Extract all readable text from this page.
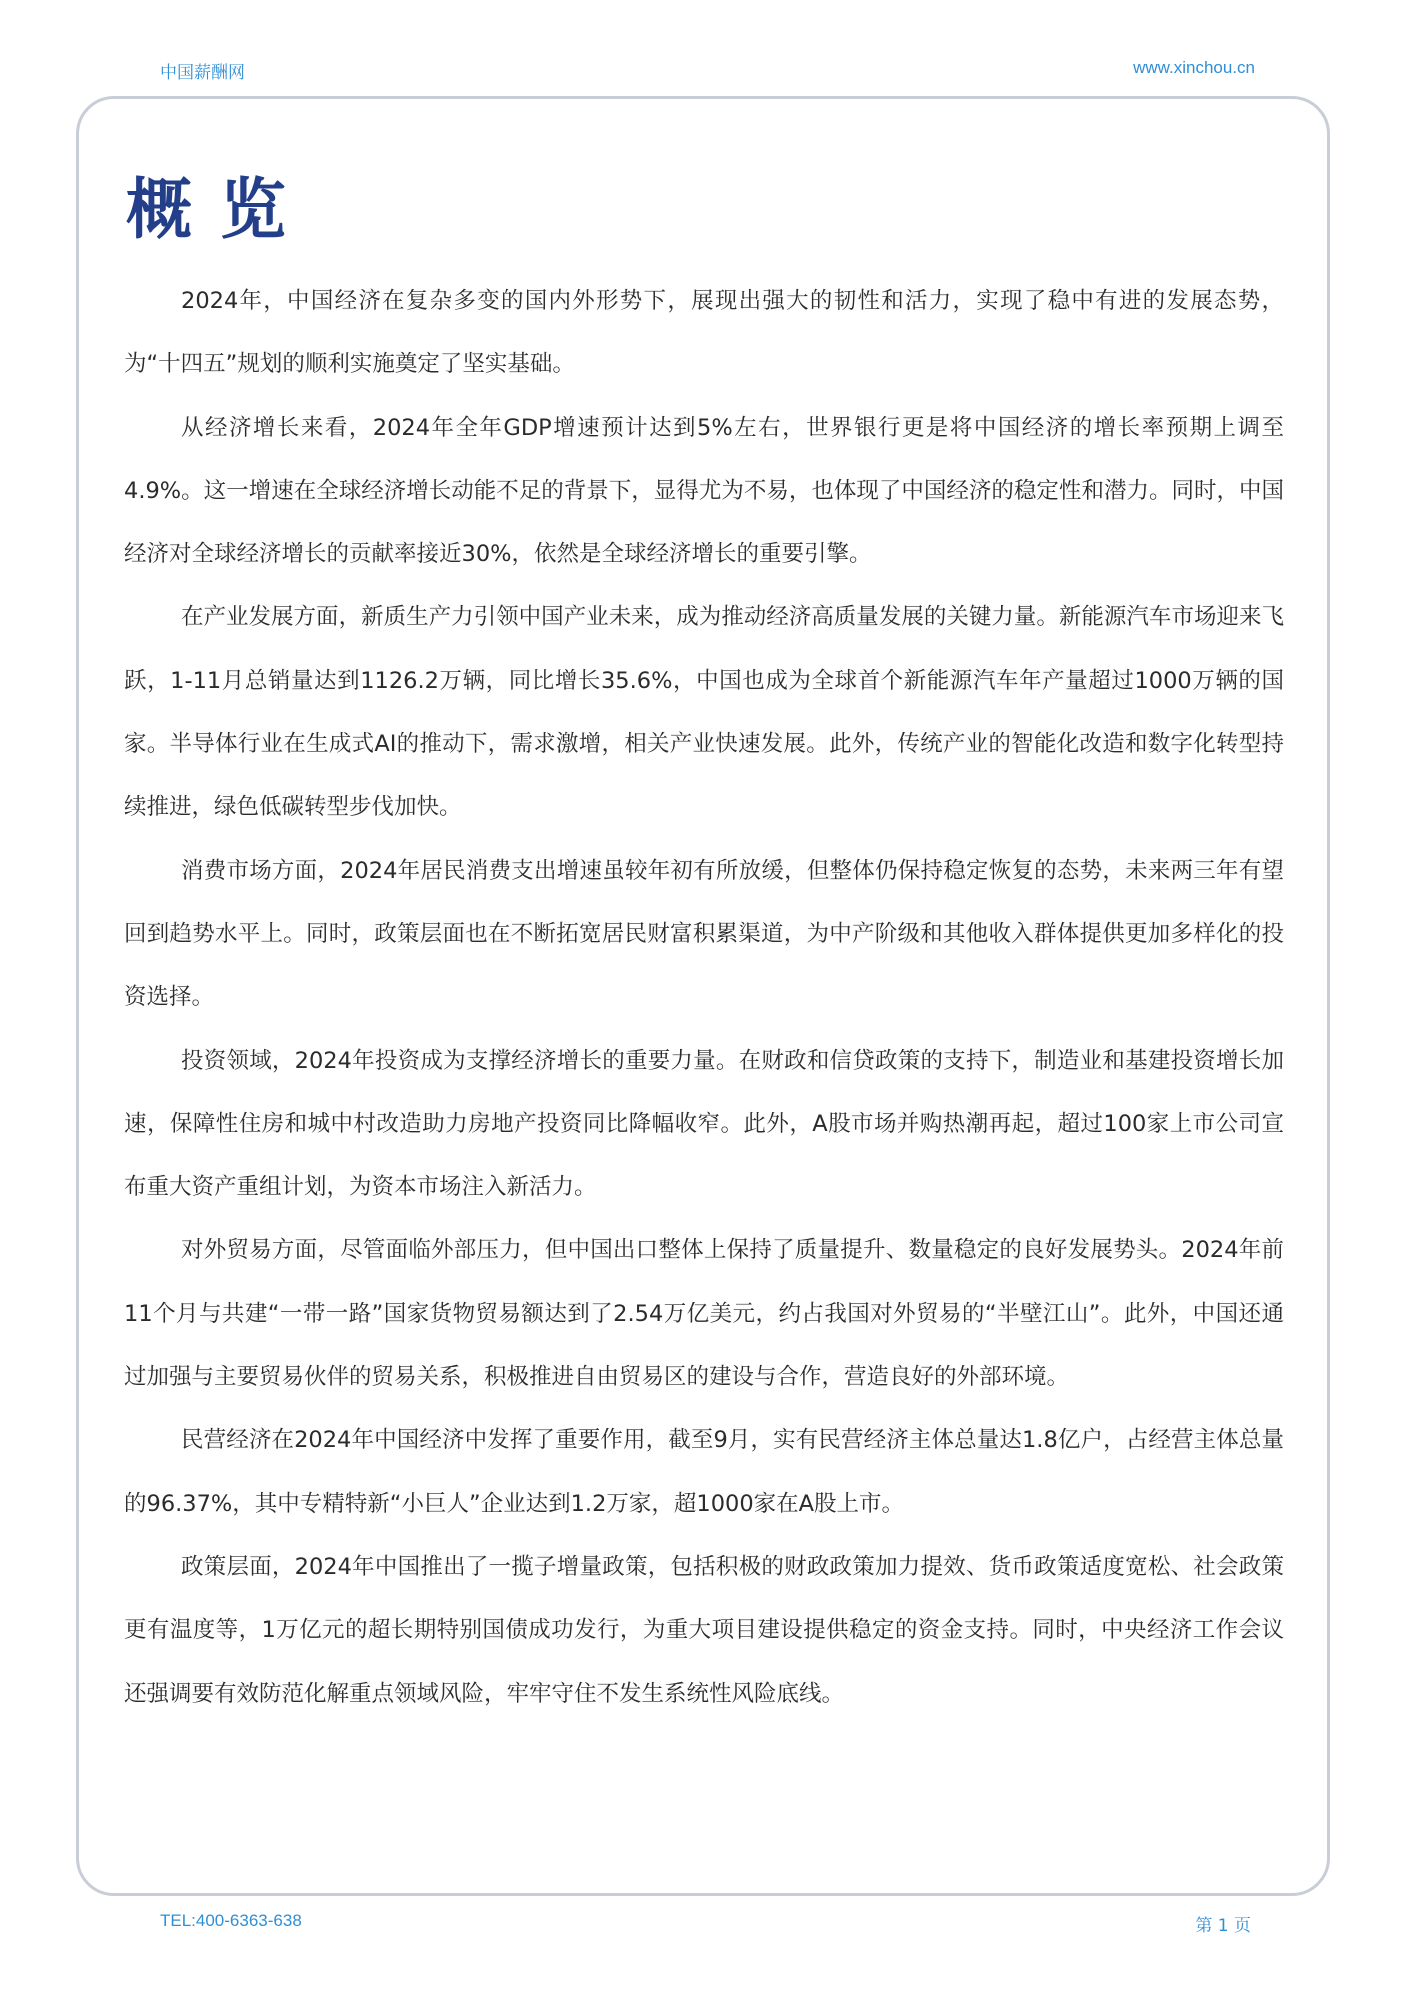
中国薪酬网	www.xinchou.cn
概览

2024年，中国经济在复杂多变的国内外形势下，展现出强大的韧性和活力，实现了稳中有进的发展态势，为“十四五”规划的顺利实施奠定了坚实基础。

从经济增长来看，2024年全年GDP增速预计达到5%左右，世界银行更是将中国经济的增长率预期上调至4.9%。这一增速在全球经济增长动能不足的背景下，显得尤为不易，也体现了中国经济的稳定性和潜力。同时，中国经济对全球经济增长的贡献率接近30%，依然是全球经济增长的重要引擎。

在产业发展方面，新质生产力引领中国产业未来，成为推动经济高质量发展的关键力量。新能源汽车市场迎来飞跃，1-11月总销量达到1126.2万辆，同比增长35.6%，中国也成为全球首个新能源汽车年产量超过1000万辆的国家。半导体行业在生成式AI的推动下，需求激增，相关产业快速发展。此外，传统产业的智能化改造和数字化转型持续推进，绿色低碳转型步伐加快。

消费市场方面，2024年居民消费支出增速虽较年初有所放缓，但整体仍保持稳定恢复的态势，未来两三年有望回到趋势水平上。同时，政策层面也在不断拓宽居民财富积累渠道，为中产阶级和其他收入群体提供更加多样化的投资选择。

投资领域，2024年投资成为支撑经济增长的重要力量。在财政和信贷政策的支持下，制造业和基建投资增长加速，保障性住房和城中村改造助力房地产投资同比降幅收窄。此外，A股市场并购热潮再起，超过100家上市公司宣布重大资产重组计划，为资本市场注入新活力。

对外贸易方面，尽管面临外部压力，但中国出口整体上保持了质量提升、数量稳定的良好发展势头。2024年前11个月与共建“一带一路”国家货物贸易额达到了2.54万亿美元，约占我国对外贸易的“半壁江山”。此外，中国还通过加强与主要贸易伙伴的贸易关系，积极推进自由贸易区的建设与合作，营造良好的外部环境。

民营经济在2024年中国经济中发挥了重要作用，截至9月，实有民营经济主体总量达1.8亿户，占经营主体总量的96.37%，其中专精特新“小巨人”企业达到1.2万家，超1000家在A股上市。

政策层面，2024年中国推出了一揽子增量政策，包括积极的财政政策加力提效、货币政策适度宽松、社会政策更有温度等，1万亿元的超长期特别国债成功发行，为重大项目建设提供稳定的资金支持。同时，中央经济工作会议还强调要有效防范化解重点领域风险，牢牢守住不发生系统性风险底线。

TEL:400-6363-638	第 1 页
